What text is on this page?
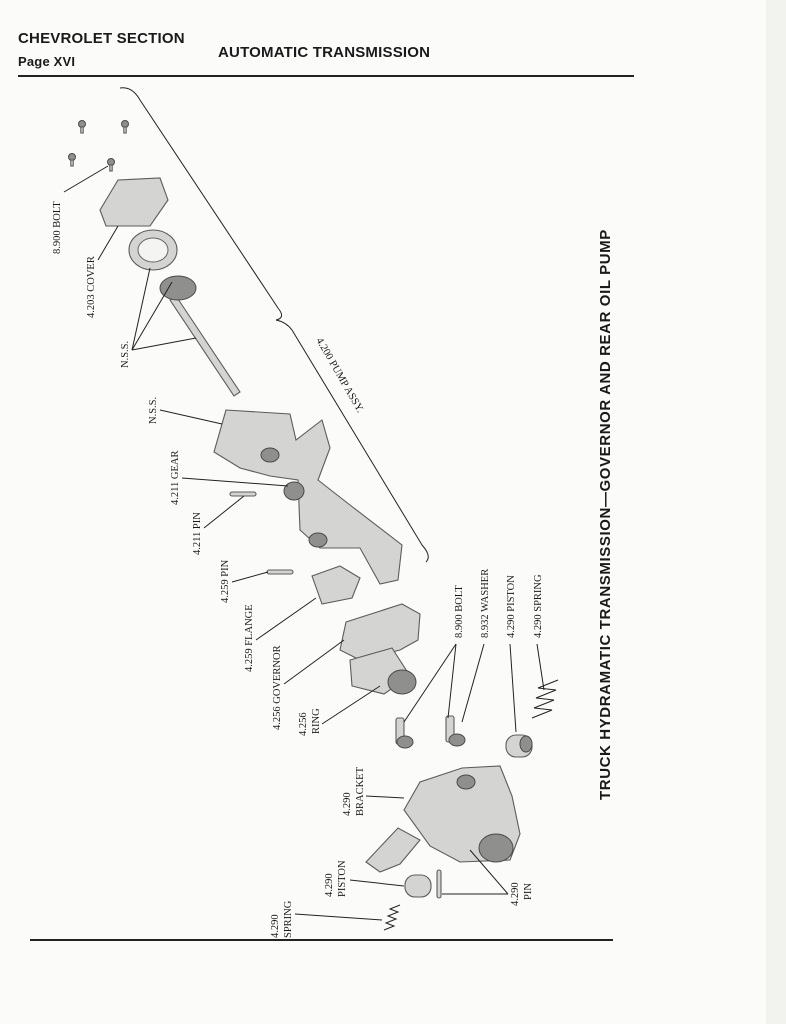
CHEVROLET SECTION
Page XVI
AUTOMATIC TRANSMISSION
TRUCK HYDRAMATIC TRANSMISSION—GOVERNOR AND REAR OIL PUMP
4.200 PUMP ASSY.
8.900 BOLT
4.203 COVER
N.S.S.
N.S.S.
4.211 GEAR
4.211 PIN
4.259 PIN
4.259 FLANGE
4.256 GOVERNOR 4.256 RING
8.900 BOLT 8.932 WASHER 4.290 PISTON 4.290 SPRING
4.290 BRACKET
4.290 PISTON
4.290 SPRING
4.290 PIN
